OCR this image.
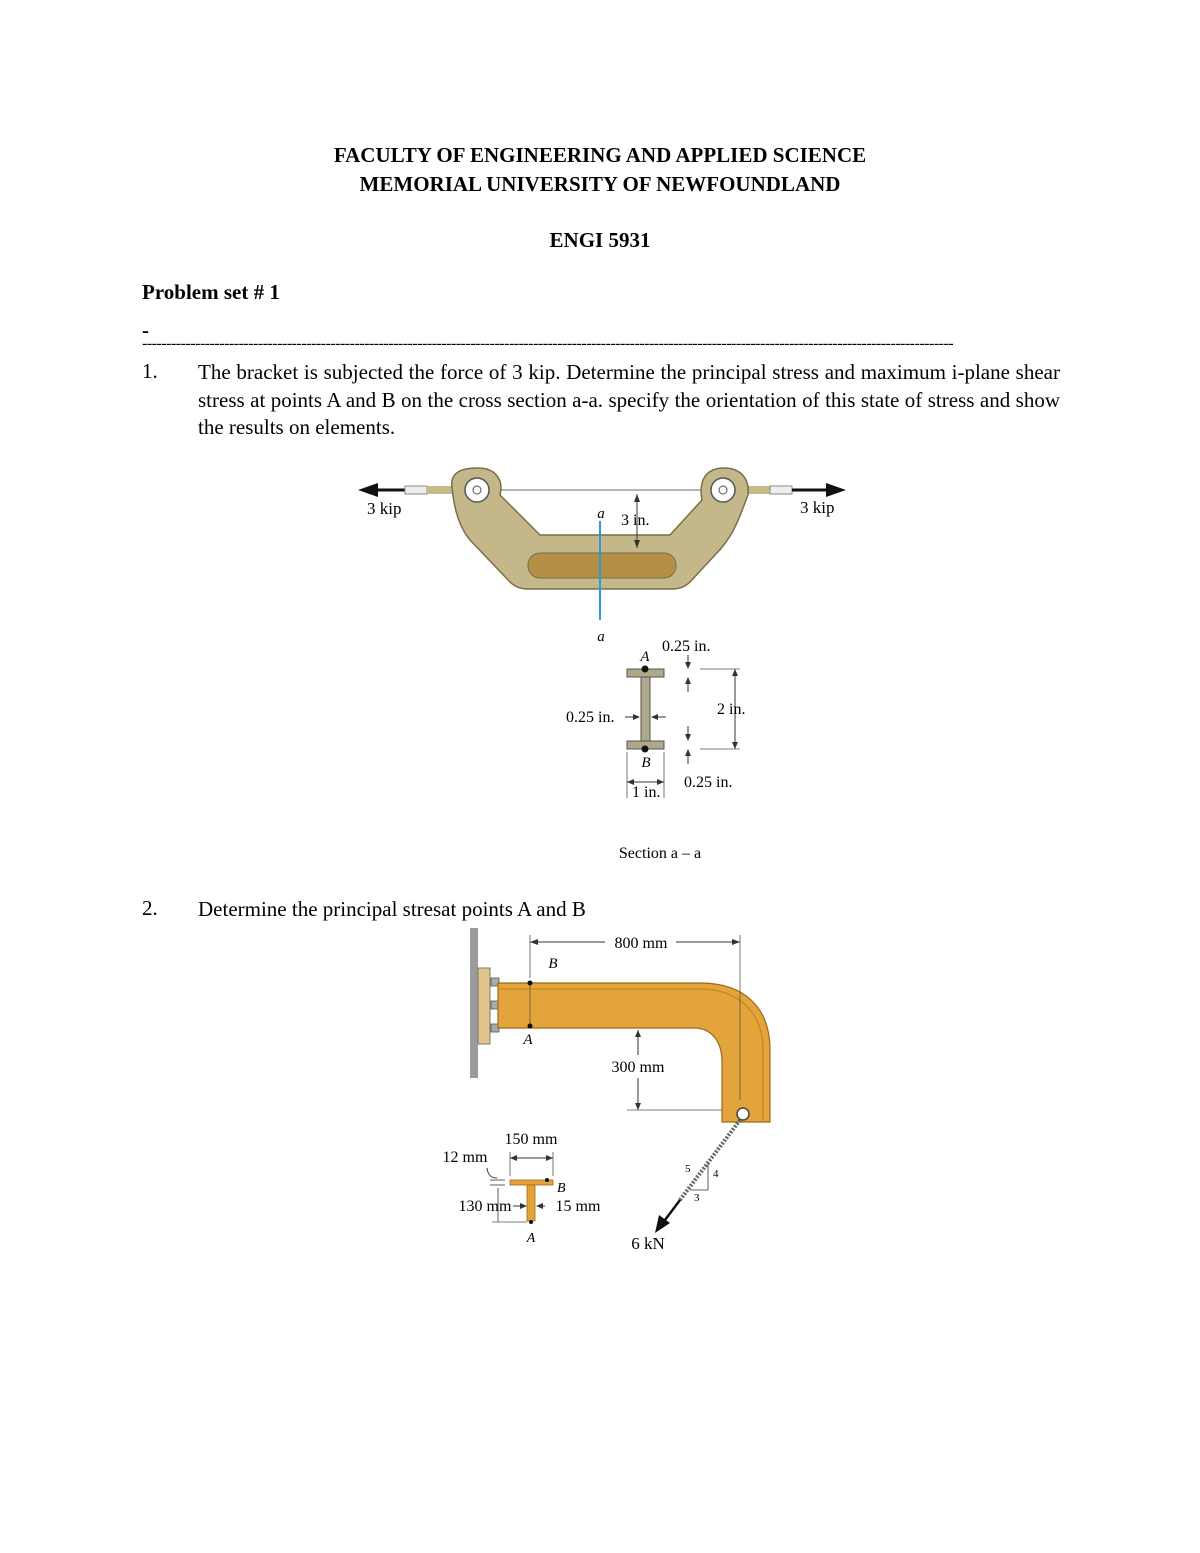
FACULTY OF ENGINEERING AND APPLIED SCIENCE
MEMORIAL UNIVERSITY OF NEWFOUNDLAND
ENGI 5931
Problem set # 1
-
------------------------------------------------------------------------------------------------------------------------------------------------------------------------
1. The bracket is subjected the force of 3 kip. Determine the principal stress and maximum i-plane shear stress at points A and B on the cross section a-a. specify the orientation of this state of stress and show the results on elements.
a
a
3 in.
3 kip	3 kip
A
B
0.25 in.
0.25 in.	2 in.
0.25 in.
1 in.
Section a – a
2. Determine the principal stresat points A and B
B
A
800 mm
300 mm
5 4
3
6 kN
150 mm
12 mm
B
A
130 mm	15 mm
